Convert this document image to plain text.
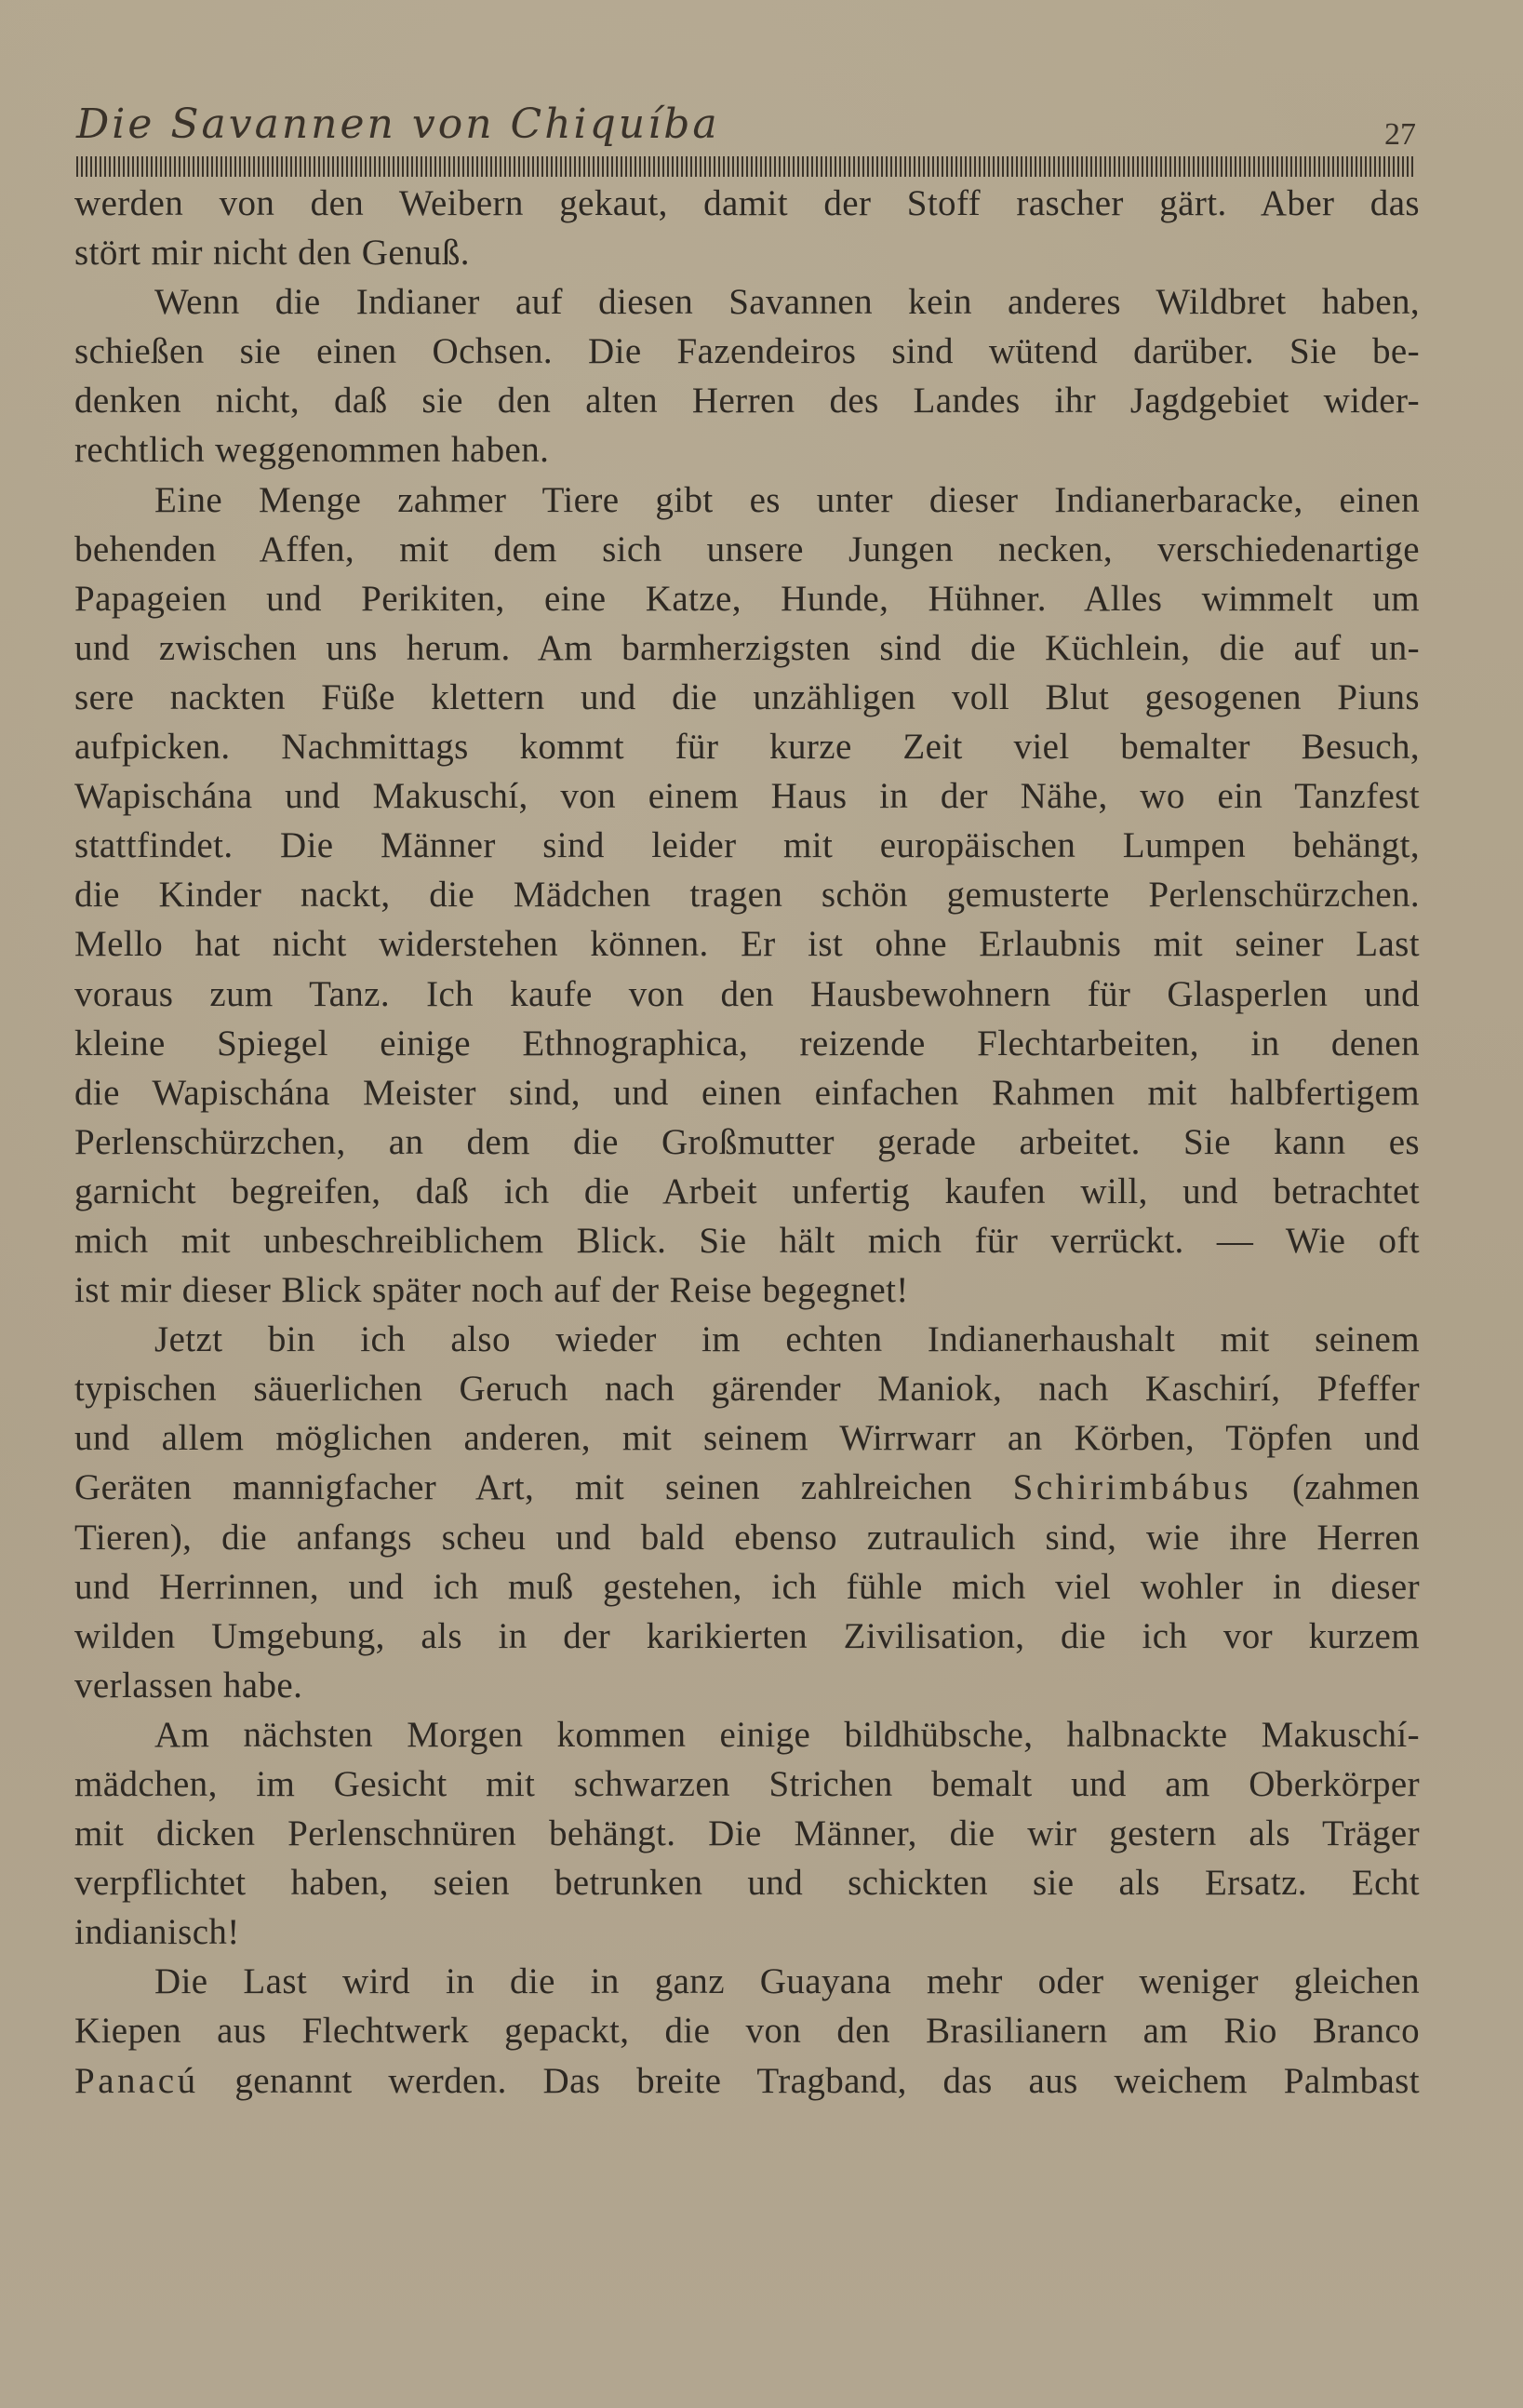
Die Savannen von Chiquíba	27
werden von den Weibern gekaut, damit der Stoff rascher gärt. Aber das
stört mir nicht den Genuß.
Wenn die Indianer auf diesen Savannen kein anderes Wildbret haben,
schießen sie einen Ochsen. Die Fazendeiros sind wütend darüber. Sie be-
denken nicht, daß sie den alten Herren des Landes ihr Jagdgebiet wider-
rechtlich weggenommen haben.
Eine Menge zahmer Tiere gibt es unter dieser Indianerbaracke, einen
behenden Affen, mit dem sich unsere Jungen necken, verschiedenartige
Papageien und Perikiten, eine Katze, Hunde, Hühner. Alles wimmelt um
und zwischen uns herum. Am barmherzigsten sind die Küchlein, die auf un-
sere nackten Füße klettern und die unzähligen voll Blut gesogenen Piuns
aufpicken. Nachmittags kommt für kurze Zeit viel bemalter Besuch,
Wapischána und Makuschí, von einem Haus in der Nähe, wo ein Tanzfest
stattfindet. Die Männer sind leider mit europäischen Lumpen behängt,
die Kinder nackt, die Mädchen tragen schön gemusterte Perlenschürzchen.
Mello hat nicht widerstehen können. Er ist ohne Erlaubnis mit seiner Last
voraus zum Tanz. Ich kaufe von den Hausbewohnern für Glasperlen und
kleine Spiegel einige Ethnographica, reizende Flechtarbeiten, in denen
die Wapischána Meister sind, und einen einfachen Rahmen mit halbfertigem
Perlenschürzchen, an dem die Großmutter gerade arbeitet. Sie kann es
garnicht begreifen, daß ich die Arbeit unfertig kaufen will, und betrachtet
mich mit unbeschreiblichem Blick. Sie hält mich für verrückt. — Wie oft
ist mir dieser Blick später noch auf der Reise begegnet!
Jetzt bin ich also wieder im echten Indianerhaushalt mit seinem
typischen säuerlichen Geruch nach gärender Maniok, nach Kaschirí, Pfeffer
und allem möglichen anderen, mit seinem Wirrwarr an Körben, Töpfen und
Geräten mannigfacher Art, mit seinen zahlreichen Schirimbábus (zahmen
Tieren), die anfangs scheu und bald ebenso zutraulich sind, wie ihre Herren
und Herrinnen, und ich muß gestehen, ich fühle mich viel wohler in dieser
wilden Umgebung, als in der karikierten Zivilisation, die ich vor kurzem
verlassen habe.
Am nächsten Morgen kommen einige bildhübsche, halbnackte Makuschí-
mädchen, im Gesicht mit schwarzen Strichen bemalt und am Oberkörper
mit dicken Perlenschnüren behängt. Die Männer, die wir gestern als Träger
verpflichtet haben, seien betrunken und schickten sie als Ersatz. Echt
indianisch!
Die Last wird in die in ganz Guayana mehr oder weniger gleichen
Kiepen aus Flechtwerk gepackt, die von den Brasilianern am Rio Branco
Panacú genannt werden. Das breite Tragband, das aus weichem Palmbast
